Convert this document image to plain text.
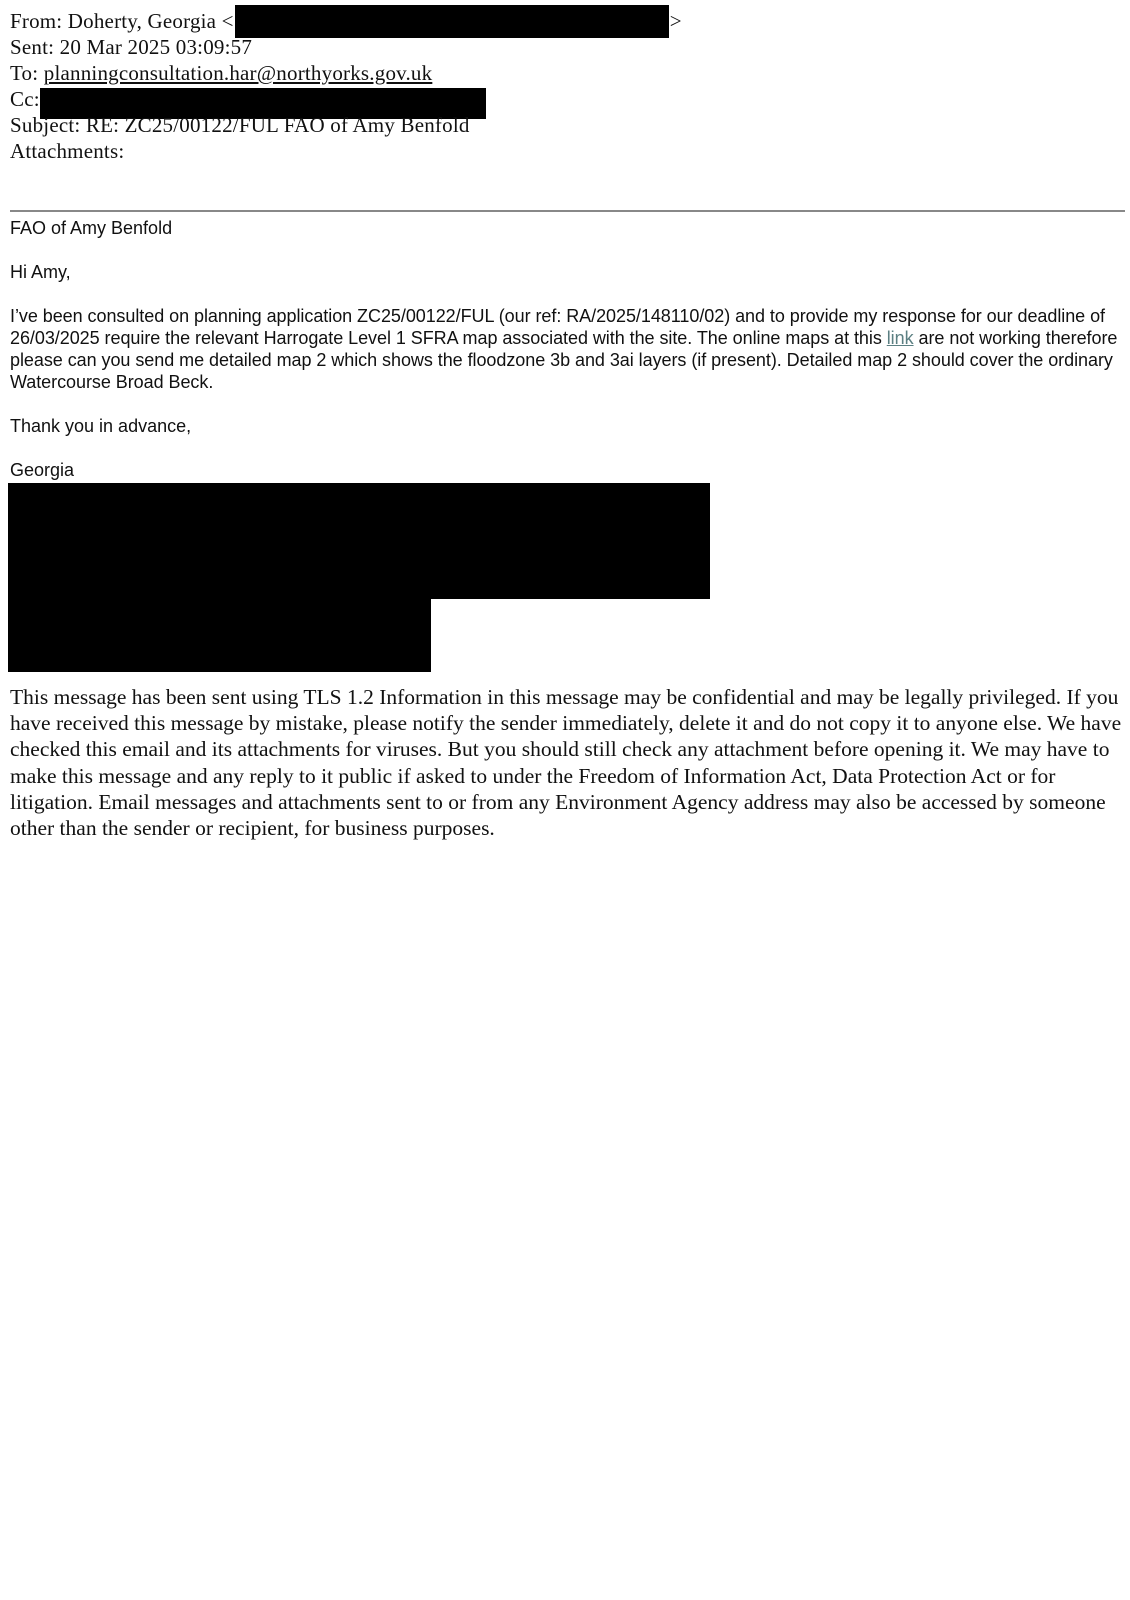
From: Doherty, Georgia <	>
Sent: 20 Mar 2025 03:09:57
To: planningconsultation.har@northyorks.gov.uk
Cc:
Subject: RE: ZC25/00122/FUL FAO of Amy Benfold
Attachments:

FAO of Amy Benfold

Hi Amy,

I’ve been consulted on planning application ZC25/00122/FUL (our ref: RA/2025/148110/02) and to provide my response for our deadline of 26/03/2025 require the relevant Harrogate Level 1 SFRA map associated with the site. The online maps at this link are not working therefore please can you send me detailed map 2 which shows the floodzone 3b and 3ai layers (if present). Detailed map 2 should cover the ordinary Watercourse Broad Beck.

Thank you in advance,

Georgia

This message has been sent using TLS 1.2 Information in this message may be confidential and may be legally privileged. If you have received this message by mistake, please notify the sender immediately, delete it and do not copy it to anyone else. We have checked this email and its attachments for viruses. But you should still check any attachment before opening it. We may have to make this message and any reply to it public if asked to under the Freedom of Information Act, Data Protection Act or for litigation. Email messages and attachments sent to or from any Environment Agency address may also be accessed by someone other than the sender or recipient, for business purposes.
